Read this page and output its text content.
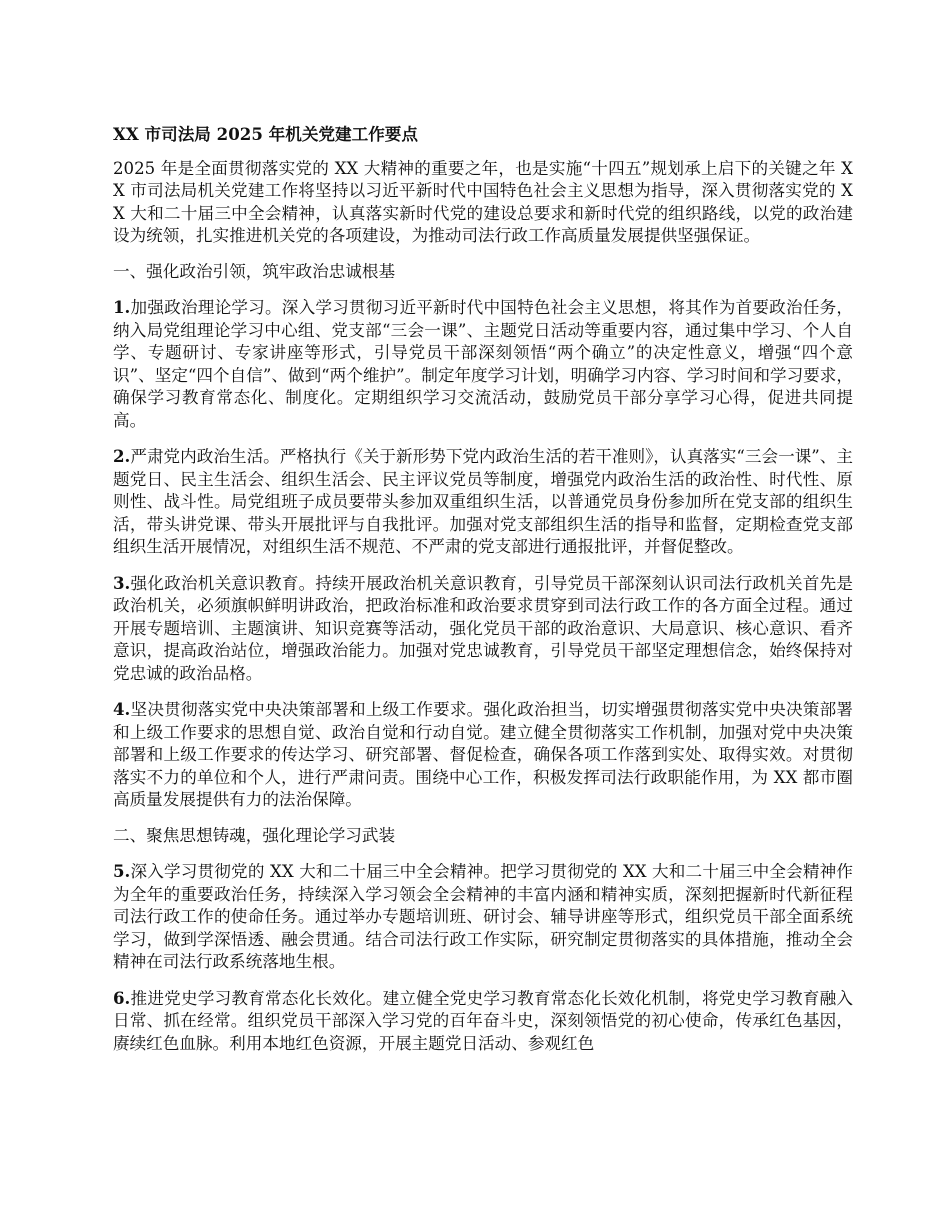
XX 市司法局 2025 年机关党建工作要点

2025 年是全面贯彻落实党的 XX 大精神的重要之年，也是实施“十四五”规划承上启下的关键之年 XX 市司法局机关党建工作将坚持以习近平新时代中国特色社会主义思想为指导，深入贯彻落实党的 XX 大和二十届三中全会精神，认真落实新时代党的建设总要求和新时代党的组织路线，以党的政治建设为统领，扎实推进机关党的各项建设，为推动司法行政工作高质量发展提供坚强保证。

一、强化政治引领，筑牢政治忠诚根基

1.加强政治理论学习。深入学习贯彻习近平新时代中国特色社会主义思想，将其作为首要政治任务，纳入局党组理论学习中心组、党支部“三会一课”、主题党日活动等重要内容，通过集中学习、个人自学、专题研讨、专家讲座等形式，引导党员干部深刻领悟“两个确立”的决定性意义，增强“四个意识”、坚定“四个自信”、做到“两个维护”。制定年度学习计划，明确学习内容、学习时间和学习要求，确保学习教育常态化、制度化。定期组织学习交流活动，鼓励党员干部分享学习心得，促进共同提高。

2.严肃党内政治生活。严格执行《关于新形势下党内政治生活的若干准则》，认真落实“三会一课”、主题党日、民主生活会、组织生活会、民主评议党员等制度，增强党内政治生活的政治性、时代性、原则性、战斗性。局党组班子成员要带头参加双重组织生活，以普通党员身份参加所在党支部的组织生活，带头讲党课、带头开展批评与自我批评。加强对党支部组织生活的指导和监督，定期检查党支部组织生活开展情况，对组织生活不规范、不严肃的党支部进行通报批评，并督促整改。

3.强化政治机关意识教育。持续开展政治机关意识教育，引导党员干部深刻认识司法行政机关首先是政治机关，必须旗帜鲜明讲政治，把政治标准和政治要求贯穿到司法行政工作的各方面全过程。通过开展专题培训、主题演讲、知识竞赛等活动，强化党员干部的政治意识、大局意识、核心意识、看齐意识，提高政治站位，增强政治能力。加强对党忠诚教育，引导党员干部坚定理想信念，始终保持对党忠诚的政治品格。

4.坚决贯彻落实党中央决策部署和上级工作要求。强化政治担当，切实增强贯彻落实党中央决策部署和上级工作要求的思想自觉、政治自觉和行动自觉。建立健全贯彻落实工作机制，加强对党中央决策部署和上级工作要求的传达学习、研究部署、督促检查，确保各项工作落到实处、取得实效。对贯彻落实不力的单位和个人，进行严肃问责。围绕中心工作，积极发挥司法行政职能作用，为 XX 都市圈高质量发展提供有力的法治保障。

二、聚焦思想铸魂，强化理论学习武装

5.深入学习贯彻党的 XX 大和二十届三中全会精神。把学习贯彻党的 XX 大和二十届三中全会精神作为全年的重要政治任务，持续深入学习领会全会精神的丰富内涵和精神实质，深刻把握新时代新征程司法行政工作的使命任务。通过举办专题培训班、研讨会、辅导讲座等形式，组织党员干部全面系统学习，做到学深悟透、融会贯通。结合司法行政工作实际，研究制定贯彻落实的具体措施，推动全会精神在司法行政系统落地生根。

6.推进党史学习教育常态化长效化。建立健全党史学习教育常态化长效化机制，将党史学习教育融入日常、抓在经常。组织党员干部深入学习党的百年奋斗史，深刻领悟党的初心使命，传承红色基因，赓续红色血脉。利用本地红色资源，开展主题党日活动、参观红色
